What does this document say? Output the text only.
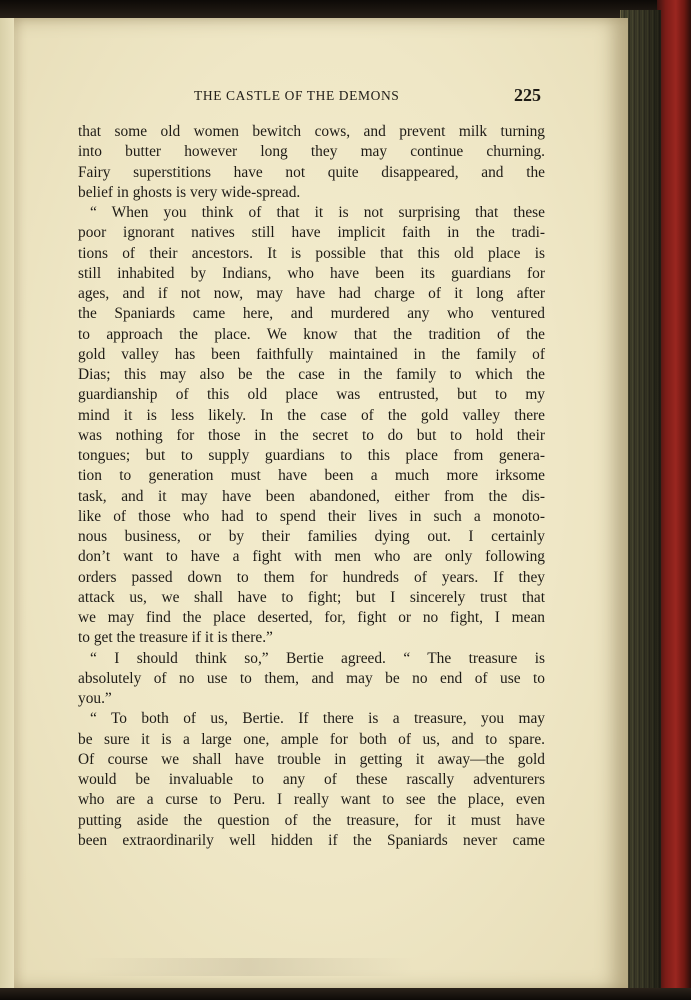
THE CASTLE OF THE DEMONS	225
that some old women bewitch cows, and prevent milk turning
into butter however long they may continue churning.
Fairy superstitions have not quite disappeared, and the
belief in ghosts is very wide-spread.
“ When you think of that it is not surprising that these
poor ignorant natives still have implicit faith in the tradi-
tions of their ancestors. It is possible that this old place is
still inhabited by Indians, who have been its guardians for
ages, and if not now, may have had charge of it long after
the Spaniards came here, and murdered any who ventured
to approach the place. We know that the tradition of the
gold valley has been faithfully maintained in the family of
Dias; this may also be the case in the family to which the
guardianship of this old place was entrusted, but to my
mind it is less likely. In the case of the gold valley there
was nothing for those in the secret to do but to hold their
tongues; but to supply guardians to this place from genera-
tion to generation must have been a much more irksome
task, and it may have been abandoned, either from the dis-
like of those who had to spend their lives in such a monoto-
nous business, or by their families dying out. I certainly
don’t want to have a fight with men who are only following
orders passed down to them for hundreds of years. If they
attack us, we shall have to fight; but I sincerely trust that
we may find the place deserted, for, fight or no fight, I mean
to get the treasure if it is there.”
“ I should think so,” Bertie agreed. “ The treasure is
absolutely of no use to them, and may be no end of use to
you.”
“ To both of us, Bertie. If there is a treasure, you may
be sure it is a large one, ample for both of us, and to spare.
Of course we shall have trouble in getting it away—the gold
would be invaluable to any of these rascally adventurers
who are a curse to Peru. I really want to see the place, even
putting aside the question of the treasure, for it must have
been extraordinarily well hidden if the Spaniards never came
